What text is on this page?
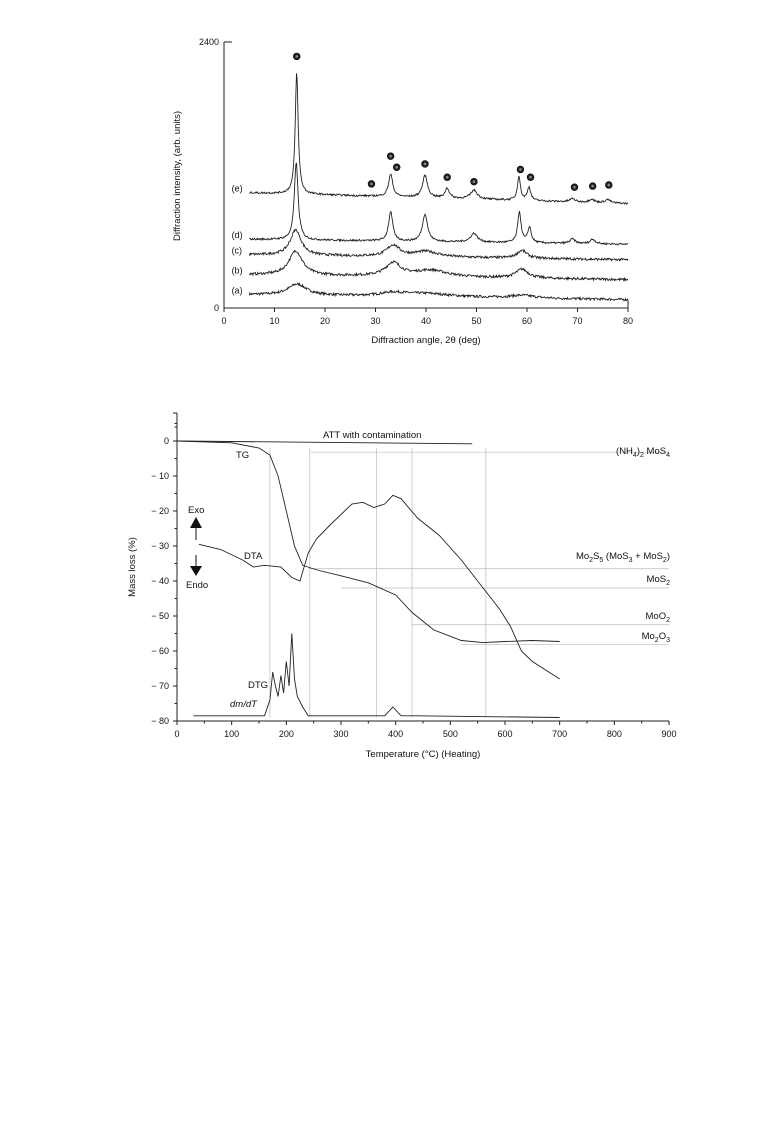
0	10	20	30	40	50	60	70	80
0
2400
(a)
(b)
(c)
(d)
(e)
Diffraction angle, 2θ (deg)
Diffraction intensity, (arb. units)
0	100	200	300	400	500	600	700	800	900
0
− 10
− 20
− 30
− 40
− 50
− 60
− 70
− 80
ATT with contamination
TG
DTA
DTG
dm/dT
Exo
Endo
$(NH_4)_2$ MoS$_4$
$Mo_2S_5$ (MoS$_3$ + MoS$_2$)
MoS$_2$
MoO$_2$
$Mo_2O_3$
Temperature (°C) (Heating)
Mass loss (%)
